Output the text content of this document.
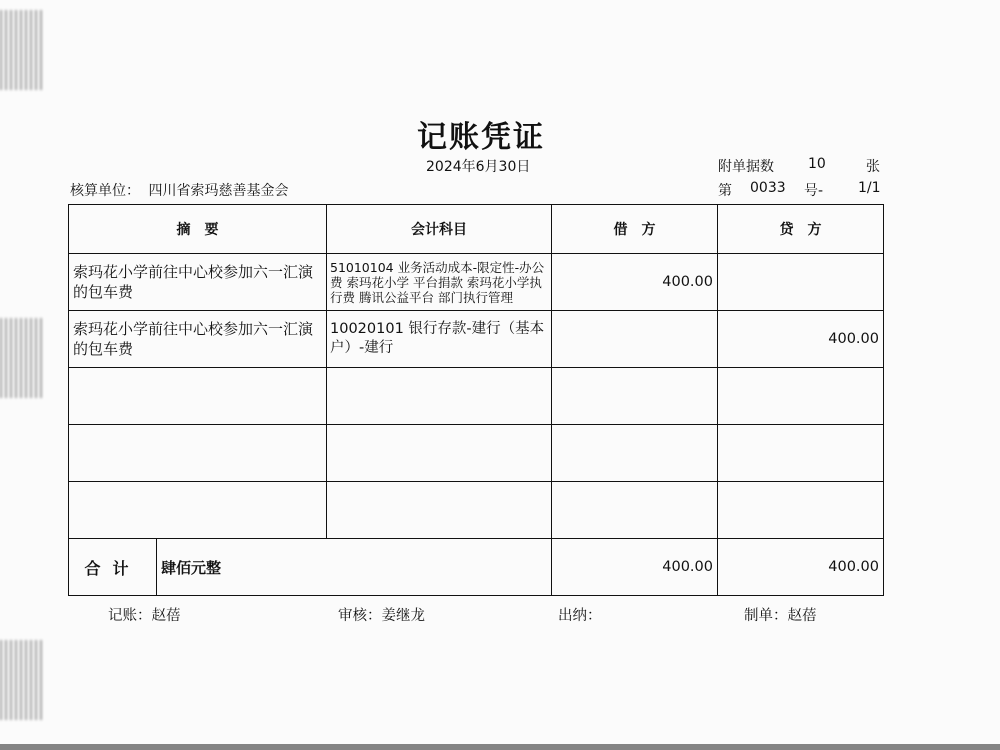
记账凭证
2024年6月30日
核算单位： 四川省索玛慈善基金会
附单据数 10	张
第 0033 号- 1/1
摘　要		会计科目	借　方	贷　方
索玛花小学前往中心校参加六一汇演的包车费		51010104 业务活动成本-限定性-办公费 索玛花小学 平台捐款 索玛花小学执行费 腾讯公益平台 部门执行管理	400.00	
索玛花小学前往中心校参加六一汇演的包车费		10020101 银行存款-建行（基本户）-建行		400.00

合计	肆佰元整		400.00	400.00
记账：赵蓓	审核：姜继龙	出纳：	制单：赵蓓
